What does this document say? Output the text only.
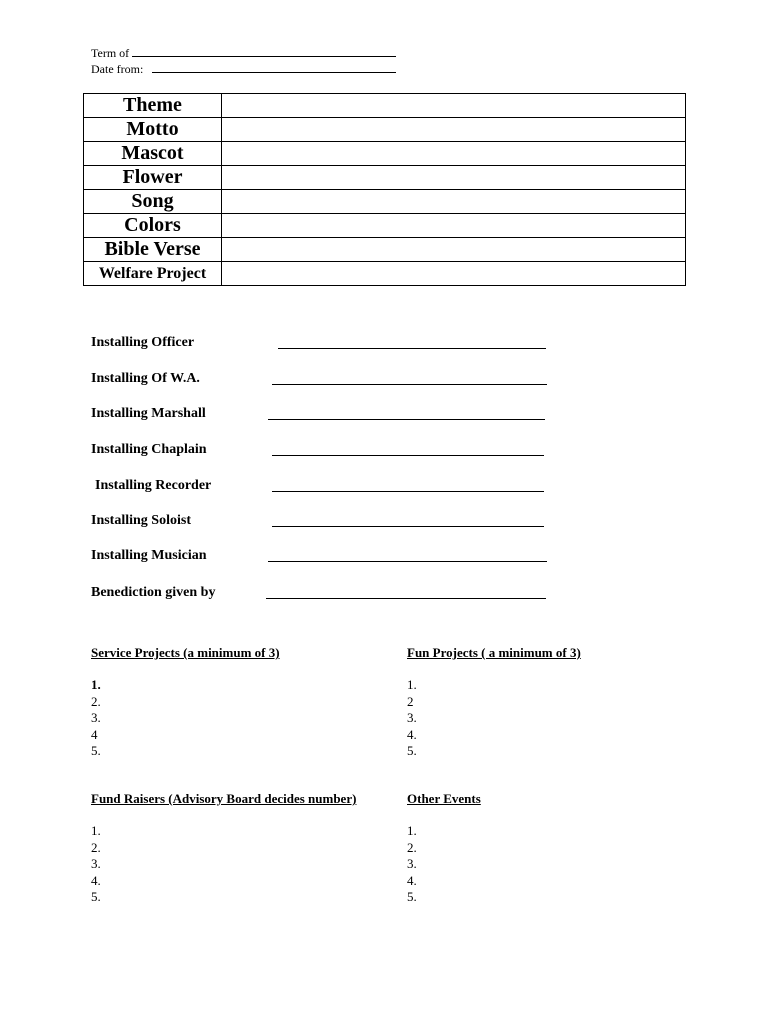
Term of
Date from:
Theme	
Motto	
Mascot	
Flower	
Song	
Colors	
Bible Verse	
Welfare Project	
Installing Officer
Installing Of W.A.
Installing Marshall
Installing Chaplain
Installing Recorder
Installing Soloist
Installing Musician
Benediction given by
Service Projects (a minimum of 3)
1.
2.
3.
4
5.
Fun Projects ( a minimum of 3)
1.
2
3.
4.
5.
Fund Raisers (Advisory Board decides number)
1.
2.
3.
4.
5.
Other Events
1.
2.
3.
4.
5.
